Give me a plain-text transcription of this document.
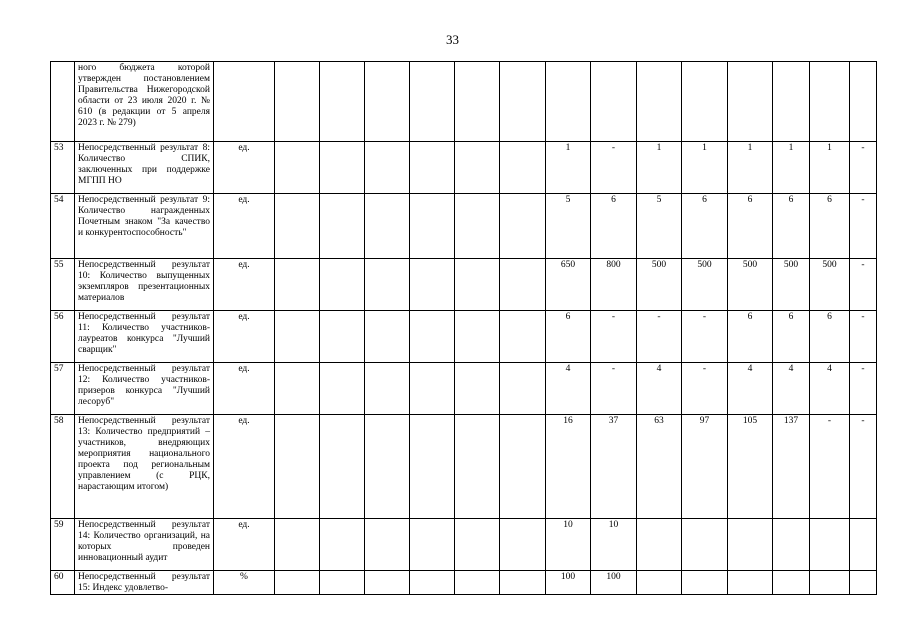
33
	ного бюджета которой утвержден постановлением Правительства Нижегородской области от 23 июля 2020 г. № 610 (в редакции от 5 апреля 2023 г. № 279)																
53	Непосредственный результат 8: Количество СПИК, заключенных при поддержке МГПП НО	ед.							1	-	1	1	1	1	1	-	
54	Непосредственный результат 9: Количество награжденных Почетным знаком "За качество и конкурентоспособность"	ед.							5	6	5	6	6	6	6	-	
55	Непосредственный результат 10: Количество выпущенных экземпляров презентационных материалов	ед.							650	800	500	500	500	500	500	-	
56	Непосредственный результат 11: Количество участников-лауреатов конкурса "Лучший сварщик"	ед.							6	-	-	-	6	6	6	-	
57	Непосредственный результат 12: Количество участников-призеров конкурса "Лучший лесоруб"	ед.							4	-	4	-	4	4	4	-	
58	Непосредственный результат 13: Количество предприятий – участников, внедряющих мероприятия национального проекта под региональным управлением (с РЦК, нарастающим итогом)	ед.							16	37	63	97	105	137	-	-	
59	Непосредственный результат 14: Количество организаций, на которых проведен инновационный аудит	ед.							10	10							
60	Непосредственный результат 15: Индекс удовлетво-	%							100	100							
